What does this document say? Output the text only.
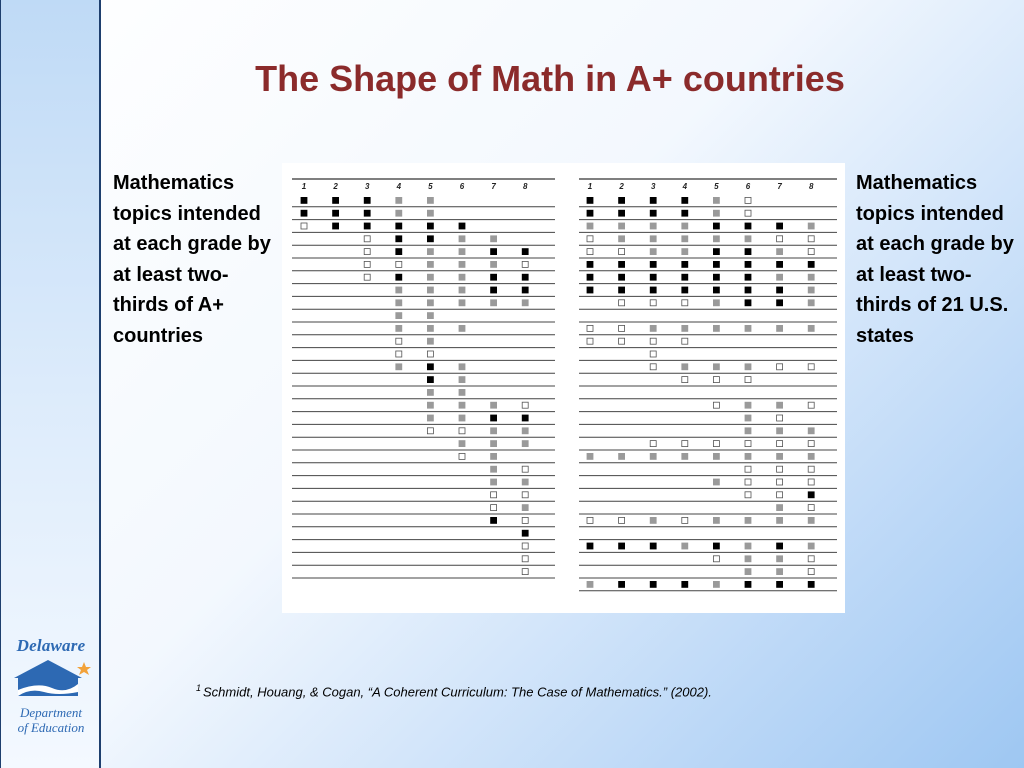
The Shape of Math in A+ countries

Mathematics topics intended at each grade by at least two-thirds of A+ countries

Mathematics topics intended at each grade by at least two-thirds of 21 U.S. states

1	2	3	4	5	6	7	8	1	2	3	4	5	6	7	8
$^1$ Schmidt, Houang, & Cogan, “A Coherent Curriculum: The Case of Mathematics.” (2002).
Delaware
Department
of Education
